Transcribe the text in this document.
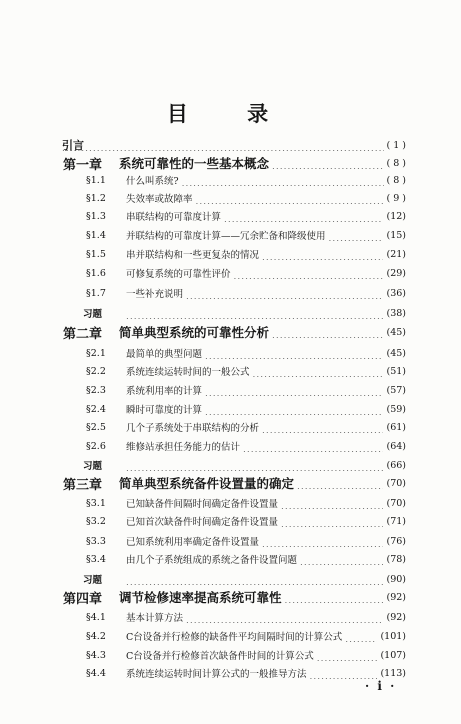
目 录
引言 ·····	( 1 )
第一章	系统可靠性的一些基本概念 ·····	( 8 )
§1.1	什么叫系统? ·····	( 8 )
§1.2	失效率或故障率 ·····	( 9 )
§1.3	串联结构的可靠度计算 ·····	(12)
§1.4	并联结构的可靠度计算——冗余贮备和降级使用 ·····	(15)
§1.5	串并联结构和一些更复杂的情况 ·····	(21)
§1.6	可修复系统的可靠性评价 ·····	(29)
§1.7	一些补充说明 ·····	(36)
习题 ·····	(38)
第二章	简单典型系统的可靠性分析 ·····	(45)
§2.1	最简单的典型问题 ·····	(45)
§2.2	系统连续运转时间的一般公式 ·····	(51)
§2.3	系统利用率的计算 ·····	(57)
§2.4	瞬时可靠度的计算 ·····	(59)
§2.5	几个子系统处于串联结构的分析 ·····	(61)
§2.6	维修站承担任务能力的估计 ·····	(64)
习题 ·····	(66)
第三章	简单典型系统备件设置量的确定 ·····	(70)
§3.1	已知缺备件间隔时间确定备件设置量 ·····	(70)
§3.2	已知首次缺备件时间确定备件设置量 ·····	(71)
§3.3	已知系统利用率确定备件设置量 ·····	(76)
§3.4	由几个子系统组成的系统之备件设置问题 ·····	(78)
习题 ·····	(90)
第四章	调节检修速率提高系统可靠性 ·····	(92)
§4.1	基本计算方法 ·····	(92)
§4.2	C台设备并行检修的缺备件平均间隔时间的计算公式 ·····	(101)
§4.3	C台设备并行检修首次缺备件时间的计算公式 ·····	(107)
§4.4	系统连续运转时间计算公式的一般推导方法 ·····	(113)
· i ·
